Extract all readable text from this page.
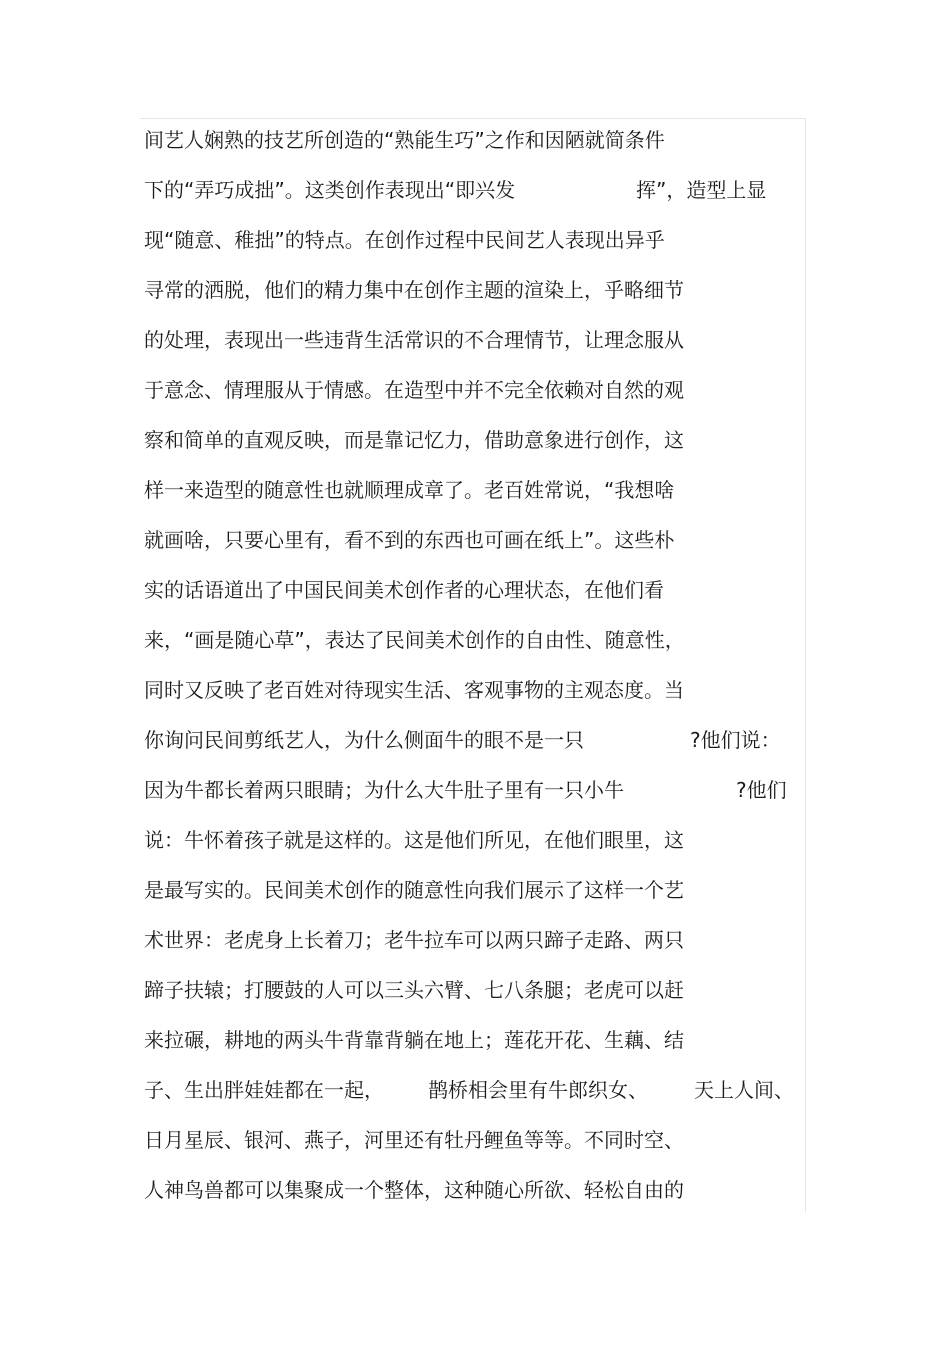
间艺人娴熟的技艺所创造的“熟能生巧”之作和因陋就简条件
下的“弄巧成拙”。这类创作表现出“即兴发	挥”，造型上显
现“随意、稚拙”的特点。在创作过程中民间艺人表现出异乎
寻常的洒脱，他们的精力集中在创作主题的渲染上，乎略细节
的处理，表现出一些违背生活常识的不合理情节，让理念服从
于意念、情理服从于情感。在造型中并不完全依赖对自然的观
察和简单的直观反映，而是靠记忆力，借助意象进行创作，这
样一来造型的随意性也就顺理成章了。老百姓常说，“我想啥
就画啥，只要心里有，看不到的东西也可画在纸上”。这些朴
实的话语道出了中国民间美术创作者的心理状态，在他们看
来，“画是随心草”，表达了民间美术创作的自由性、随意性，
同时又反映了老百姓对待现实生活、客观事物的主观态度。当
你询问民间剪纸艺人，为什么侧面牛的眼不是一只	?他们说：
因为牛都长着两只眼睛；为什么大牛肚子里有一只小牛	?他们
说：牛怀着孩子就是这样的。这是他们所见，在他们眼里，这
是最写实的。民间美术创作的随意性向我们展示了这样一个艺
术世界：老虎身上长着刀；老牛拉车可以两只蹄子走路、两只
蹄子扶辕；打腰鼓的人可以三头六臂、七八条腿；老虎可以赶
来拉碾，耕地的两头牛背靠背躺在地上；莲花开花、生藕、结
子、生出胖娃娃都在一起， 鹊桥相会里有牛郎织女、 天上人间、
日月星辰、银河、燕子，河里还有牡丹鲤鱼等等。不同时空、
人神鸟兽都可以集聚成一个整体，这种随心所欲、轻松自由的
